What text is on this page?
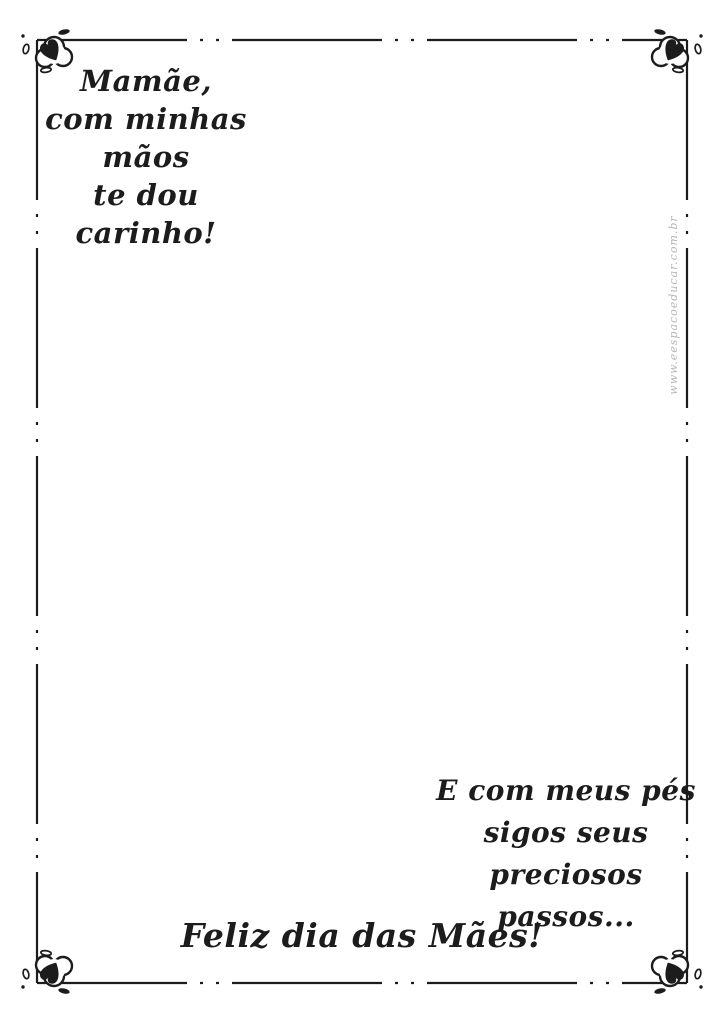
Mamãe,
com minhas mãos
te dou carinho!	www.eespacoeducar.com.br
E com meus pés
sigos seus preciosos
passos...
Feliz dia das Mães!
